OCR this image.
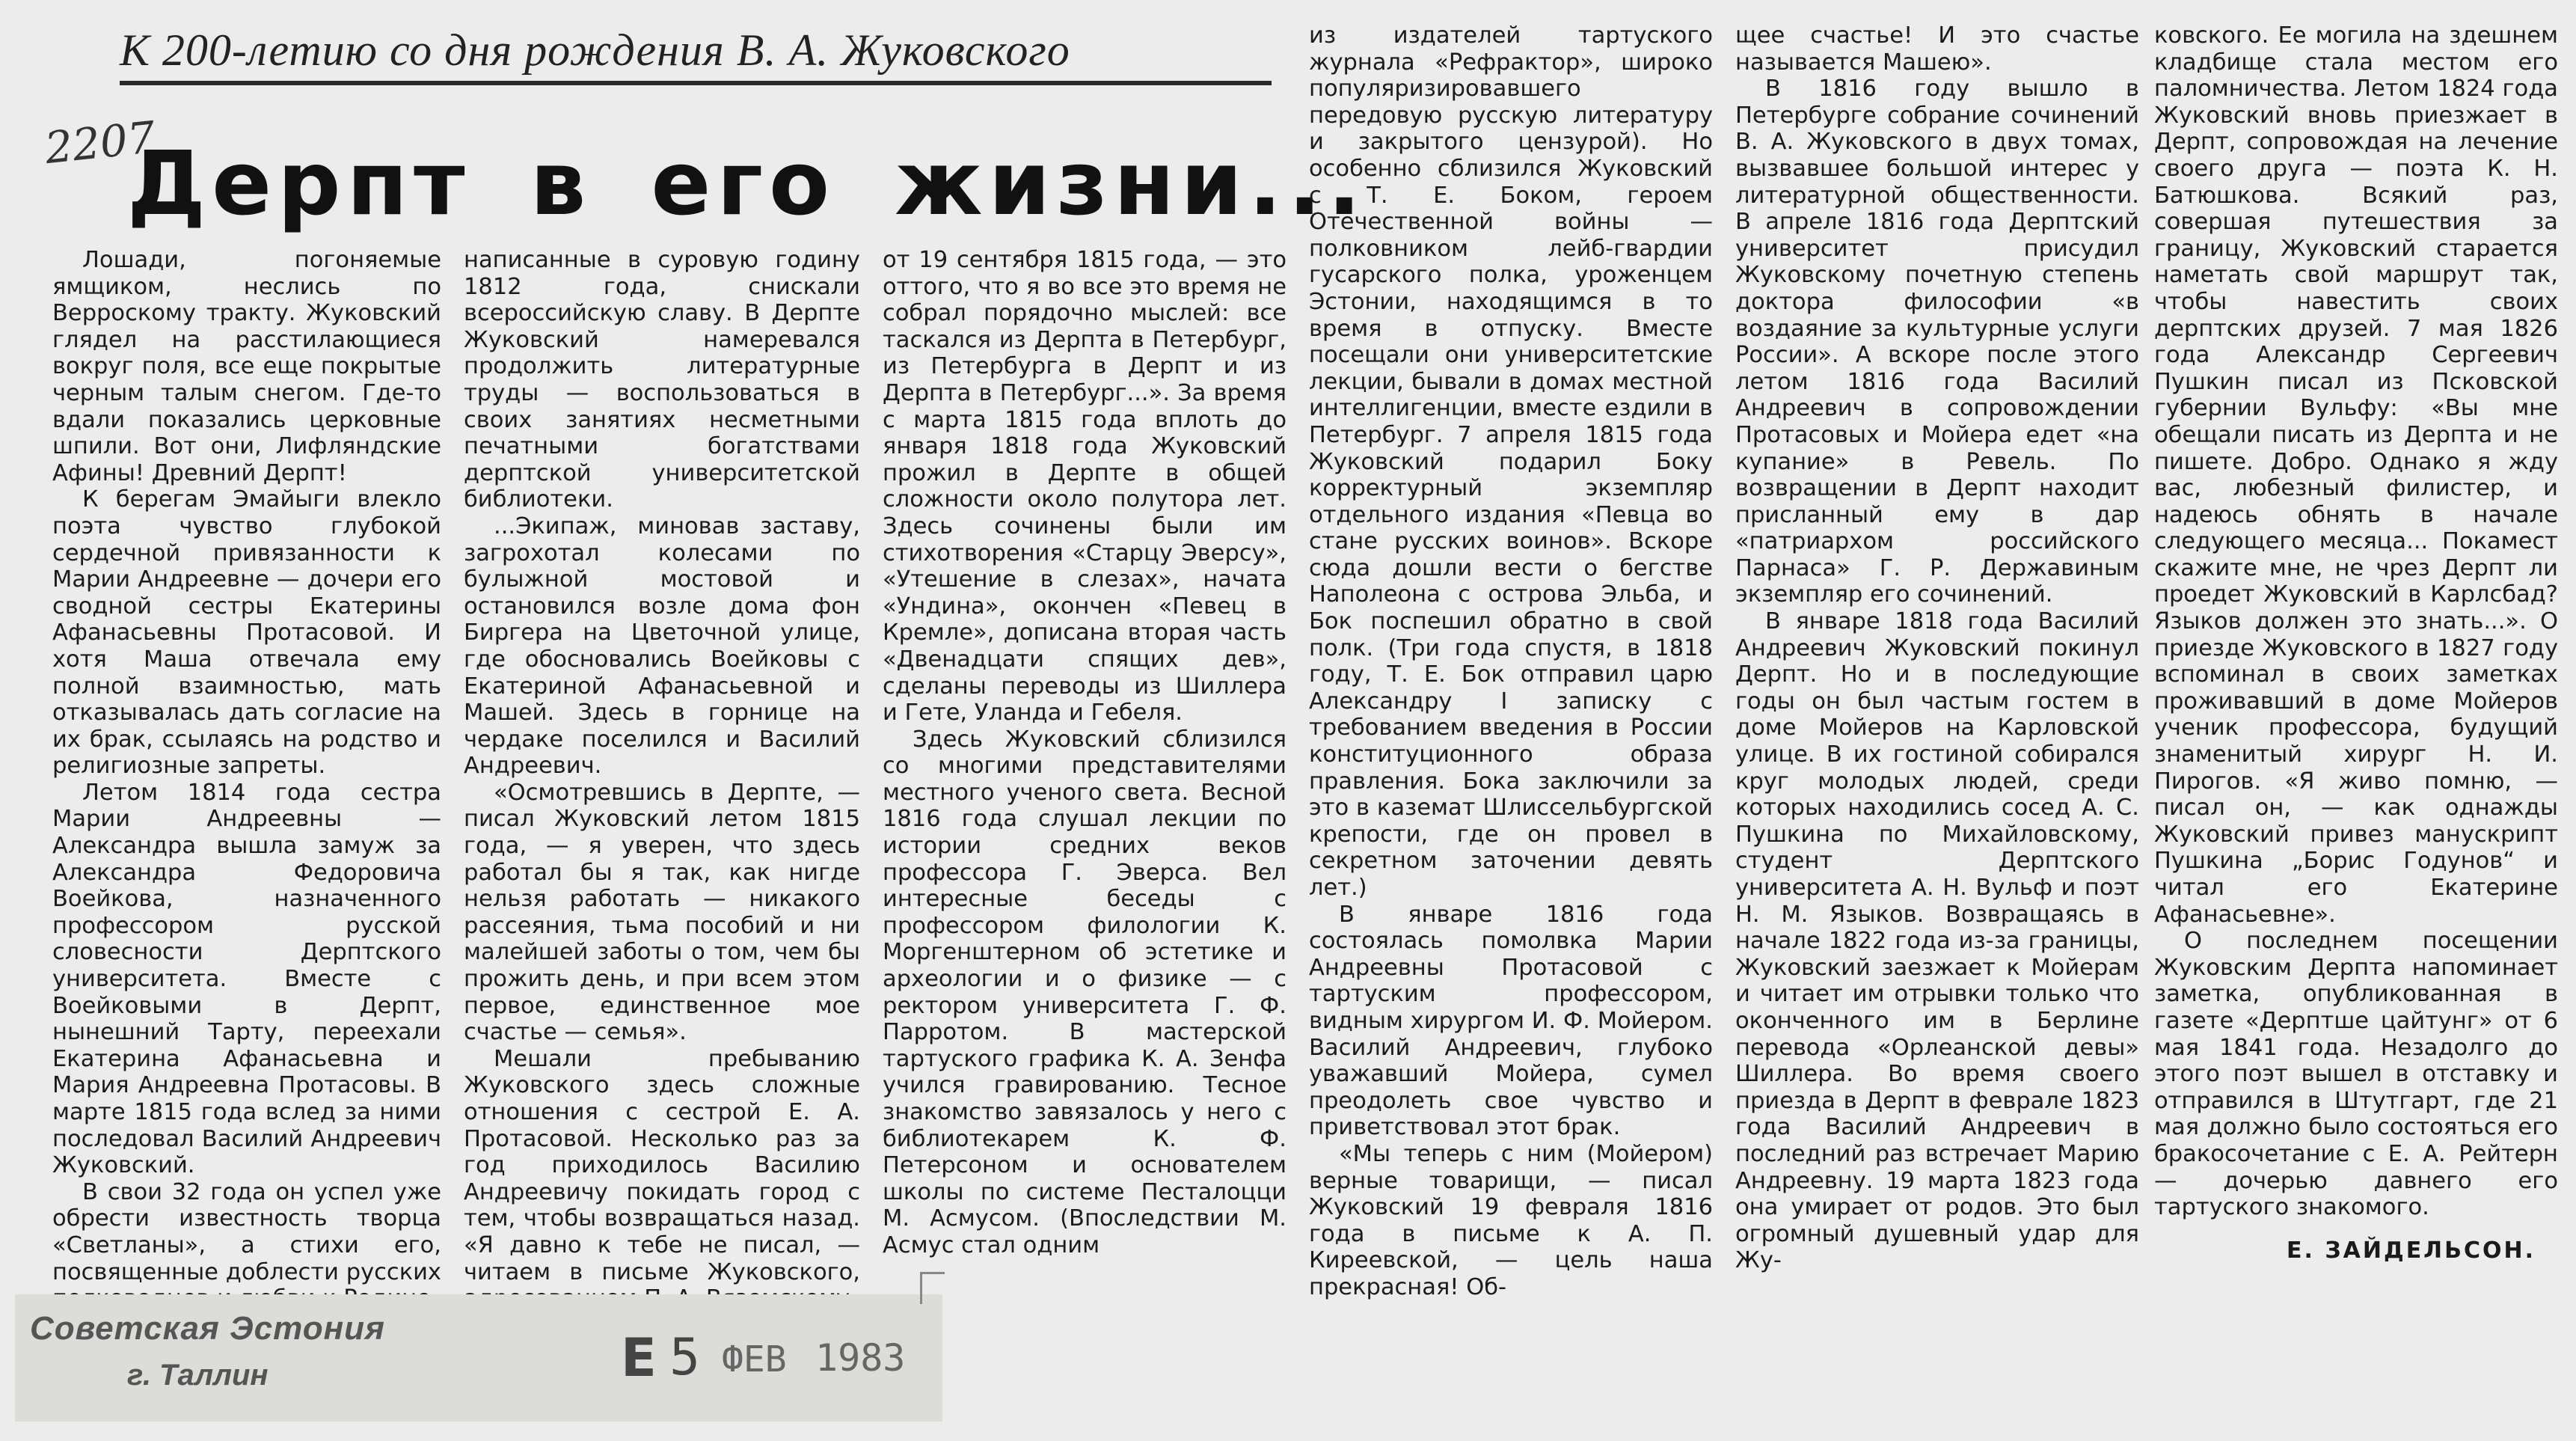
К 200-летию со дня рождения В. А. Жуковского
2207
Дерпт в его жизни...

Лошади, погоняемые ямщиком, неслись по Верроскому тракту. Жуковский глядел на расстилающиеся вокруг поля, все еще покрытые черным талым снегом. Где-то вдали показались церковные шпили. Вот они, Лифляндские Афины! Древний Дерпт!

К берегам Эмайыги влекло поэта чувство глубокой сердечной привязанности к Марии Андреевне — дочери его сводной сестры Екатерины Афанасьевны Протасовой. И хотя Маша отвечала ему полной взаимностью, мать отказывалась дать согласие на их брак, ссылаясь на родство и религиозные запреты.

Летом 1814 года сестра Марии Андреевны — Александра вышла замуж за Александра Федоровича Воейкова, назначенного профессором русской словесности Дерптского университета. Вместе с Воейковыми в Дерпт, нынешний Тарту, переехали Екатерина Афанасьевна и Мария Андреевна Протасовы. В марте 1815 года вслед за ними последовал Василий Андреевич Жуковский.

В свои 32 года он успел уже обрести известность творца «Светланы», а стихи его, посвященные доблести русских

написанные в суровую годину 1812 года, снискали всероссийскую славу. В Дерпте Жуковский намеревался продолжить литературные труды — воспользоваться в своих занятиях несметными печатными богатствами дерптской университетской библиотеки.

...Экипаж, миновав заставу, загрохотал колесами по булыжной мостовой и остановился возле дома фон Биргера на Цветочной улице, где обосновались Воейковы с Екатериной Афанасьевной и Машей. Здесь в горнице на чердаке поселился и Василий Андреевич.

«Осмотревшись в Дерпте, — писал Жуковский летом 1815 года, — я уверен, что здесь работал бы я так, как нигде нельзя работать — никакого рассеяния, тьма пособий и ни малейшей заботы о том, чем бы прожить день, и при всем этом первое, единственное мое счастье — семья».

Мешали пребыванию Жуковского здесь сложные отношения с сестрой Е. А. Протасовой. Несколько раз за год приходилось Василию Андреевичу покидать город с тем, чтобы возвращаться назад. «Я давно к тебе не писал, — читаем в письме Жуковского,

от 19 сентября 1815 года, — это оттого, что я во все это время не собрал порядочно мыслей: все таскался из Дерпта в Петербург, из Петербурга в Дерпт и из Дерпта в Петербург...». За время с марта 1815 года вплоть до января 1818 года Жуковский прожил в Дерпте в общей сложности около полутора лет. Здесь сочинены были им стихотворения «Старцу Эверсу», «Утешение в слезах», начата «Ундина», окончен «Певец в Кремле», дописана вторая часть «Двенадцати спящих дев», сделаны переводы из Шиллера и Гете, Уланда и Гебеля.

Здесь Жуковский сблизился со многими представителями местного ученого света. Весной 1816 года слушал лекции по истории средних веков профессора Г. Эверса. Вел интересные беседы с профессором филологии К. Моргенштерном об эстетике и археологии и о физике — с ректором университета Г. Ф. Парротом. В мастерской тартуского графика К. А. Зенфа учился гравированию. Тесное знакомство завязалось у него с библиотекарем К. Ф. Петерсоном и основателем школы по системе Песталоцци М. Асмусом. (Впоследствии М. Асмус стал одним

из издателей тартуского журнала «Рефрактор», широко популяризировавшего передовую русскую литературу и закрытого цензурой). Но особенно сблизился Жуковский с Т. Е. Боком, героем Отечественной войны — полковником лейб-гвардии гусарского полка, уроженцем Эстонии, находящимся в то время в отпуску. Вместе посещали они университетские лекции, бывали в домах местной интеллигенции, вместе ездили в Петербург. 7 апреля 1815 года Жуковский подарил Боку корректурный экземпляр отдельного издания «Певца во стане русских воинов». Вскоре сюда дошли вести о бегстве Наполеона с острова Эльба, и Бок поспешил обратно в свой полк. (Три года спустя, в 1818 году, Т. Е. Бок отправил царю Александру I записку с требованием введения в России конституционного образа правления. Бока заключили за это в каземат Шлиссельбургской крепости, где он провел в секретном заточении девять лет.)

В январе 1816 года состоялась помолвка Марии Андреевны Протасовой с тартуским профессором, видным хирургом И. Ф. Мойером. Василий Андреевич, глубоко уважавший Мойера, сумел преодолеть свое чувство и приветствовал этот брак.

«Мы теперь с ним (Мойером) верные товарищи, — писал Жуковский 19 февраля 1816 года в письме к А. П. Киреевской, — цель наша прекрасная! Об-

щее счастье! И это счастье называется Машею».

В 1816 году вышло в Петербурге собрание сочинений В. А. Жуковского в двух томах, вызвавшее большой интерес у литературной общественности. В апреле 1816 года Дерптский университет присудил Жуковскому почетную степень доктора философии «в воздаяние за культурные услуги России». А вскоре после этого летом 1816 года Василий Андреевич в сопровождении Протасовых и Мойера едет «на купание» в Ревель. По возвращении в Дерпт находит присланный ему в дар «патриархом российского Парнаса» Г. Р. Державиным экземпляр его сочинений.

В январе 1818 года Василий Андреевич Жуковский покинул Дерпт. Но и в последующие годы он был частым гостем в доме Мойеров на Карловской улице. В их гостиной собирался круг молодых людей, среди которых находились сосед А. С. Пушкина по Михайловскому, студент Дерптского университета А. Н. Вульф и поэт Н. М. Языков. Возвращаясь в начале 1822 года из-за границы, Жуковский заезжает к Мойерам и читает им отрывки только что оконченного им в Берлине перевода «Орлеанской девы» Шиллера. Во время своего приезда в Дерпт в феврале 1823 года Василий Андреевич в последний раз встречает Марию Андреевну. 19 марта 1823 года она умирает от родов. Это был огромный душевный удар для Жу-

ковского. Ее могила на здешнем кладбище стала местом его паломничества. Летом 1824 года Жуковский вновь приезжает в Дерпт, сопровождая на лечение своего друга — поэта К. Н. Батюшкова. Всякий раз, совершая путешествия за границу, Жуковский старается наметать свой маршрут так, чтобы навестить своих дерптских друзей. 7 мая 1826 года Александр Сергеевич Пушкин писал из Псковской губернии Вульфу: «Вы мне обещали писать из Дерпта и не пишете. Добро. Однако я жду вас, любезный филистер, и надеюсь обнять в начале следующего месяца... Покамест скажите мне, не чрез Дерпт ли проедет Жуковский в Карлсбад? Языков должен это знать...». О приезде Жуковского в 1827 году вспоминал в своих заметках проживавший в доме Мойеров ученик профессора, будущий знаменитый хирург Н. И. Пирогов. «Я живо помню, — писал он, — как однажды Жуковский привез манускрипт Пушкина „Борис Годунов“ и читал его Екатерине Афанасьевне».

О последнем посещении Жуковским Дерпта напоминает заметка, опубликованная в газете «Дерптше цайтунг» от 6 мая 1841 года. Незадолго до этого поэт вышел в отставку и отправился в Штутгарт, где 21 мая должно было состояться его бракосочетание с Е. А. Рейтерн — дочерью давнего его тартуского знакомого.

Е. ЗАЙДЕЛЬСОН.
Советская Эстония
г. Таллин	Е 5 ФЕВ 1983
